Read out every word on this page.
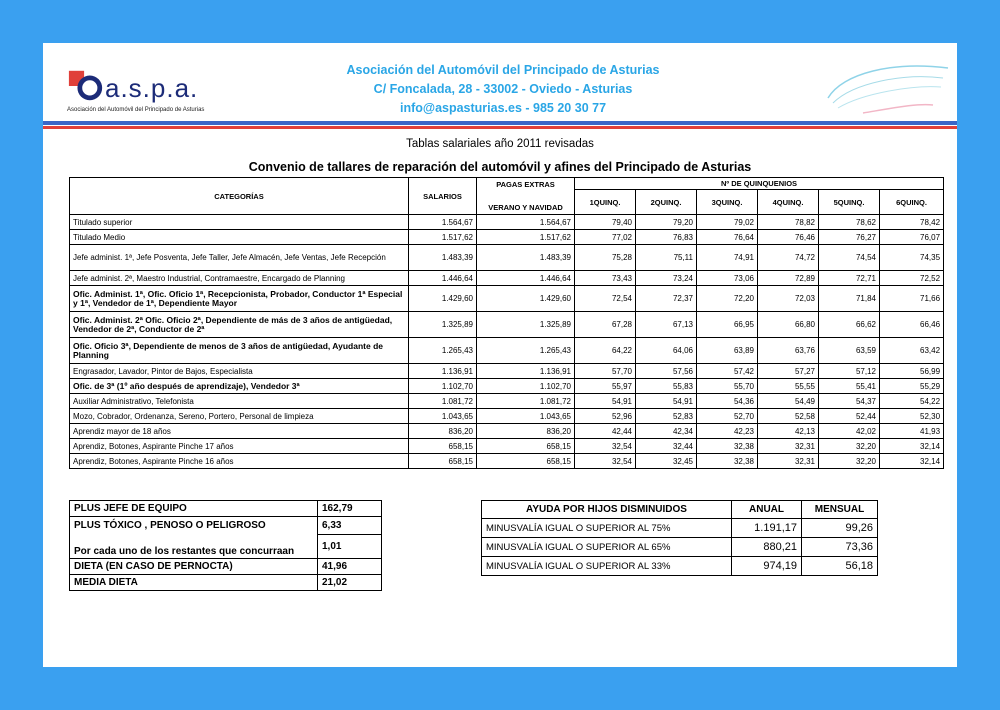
a.s.p.a.
Asociación del Automóvil del Principado de Asturias
Asociación del Automóvil del Principado de Asturias
C/ Foncalada, 28 - 33002 - Oviedo - Asturias
info@aspasturias.es - 985 20 30 77
Tablas salariales año 2011 revisadas
Convenio de tallares de reparación del automóvil y afines del Principado de Asturias
CATEGORÍAS	SALARIOS	PAGAS EXTRAS
VERANO Y NAVIDAD	Nº DE QUINQUENIOS					
			1QUINQ.	2QUINQ.	3QUINQ.	4QUINQ.	5QUINQ.	6QUINQ.
Titulado superior	1.564,67	1.564,67	79,40	79,20	79,02	78,82	78,62	78,42
Titulado Medio	1.517,62	1.517,62	77,02	76,83	76,64	76,46	76,27	76,07
Jefe administ. 1ª, Jefe Posventa, Jefe Taller, Jefe Almacén, Jefe Ventas, Jefe Recepción	1.483,39	1.483,39	75,28	75,11	74,91	74,72	74,54	74,35
Jefe administ. 2ª, Maestro Industrial, Contramaestre, Encargado de Planning	1.446,64	1.446,64	73,43	73,24	73,06	72,89	72,71	72,52
Ofic. Administ. 1ª, Ofic. Oficio 1ª, Recepcionista, Probador, Conductor 1ª Especial y 1ª, Vendedor de 1ª, Dependiente Mayor	1.429,60	1.429,60	72,54	72,37	72,20	72,03	71,84	71,66
Ofic. Administ. 2ª Ofic. Oficio 2ª, Dependiente de más de 3 años de antigüedad, Vendedor de 2ª, Conductor de 2ª	1.325,89	1.325,89	67,28	67,13	66,95	66,80	66,62	66,46
Ofic. Oficio 3ª, Dependiente de menos de 3 años de antigüedad, Ayudante de Planning	1.265,43	1.265,43	64,22	64,06	63,89	63,76	63,59	63,42
Engrasador, Lavador, Pintor de Bajos, Especialista	1.136,91	1.136,91	57,70	57,56	57,42	57,27	57,12	56,99
Ofic. de 3ª (1º año después de aprendizaje), Vendedor 3ª	1.102,70	1.102,70	55,97	55,83	55,70	55,55	55,41	55,29
Auxiliar Administrativo, Telefonista	1.081,72	1.081,72	54,91	54,91	54,36	54,49	54,37	54,22
Mozo, Cobrador, Ordenanza, Sereno, Portero, Personal de limpieza	1.043,65	1.043,65	52,96	52,83	52,70	52,58	52,44	52,30
Aprendiz mayor de 18 años	836,20	836,20	42,44	42,34	42,23	42,13	42,02	41,93
Aprendiz, Botones, Aspirante Pinche 17 años	658,15	658,15	32,54	32,44	32,38	32,31	32,20	32,14
Aprendiz, Botones, Aspirante Pinche 16 años	658,15	658,15	32,54	32,45	32,38	32,31	32,20	32,14
PLUS JEFE DE EQUIPO	162,79
PLUS TÓXICO , PENOSO O PELIGROSO	6,33
Por cada uno de los restantes que concurraan	1,01
DIETA (EN CASO DE PERNOCTA)	41,96
MEDIA DIETA	21,02
AYUDA POR HIJOS DISMINUIDOS	ANUAL	MENSUAL
MINUSVALÍA IGUAL O SUPERIOR AL 75%	1.191,17	99,26
MINUSVALÍA IGUAL O SUPERIOR AL 65%	880,21	73,36
MINUSVALÍA IGUAL O SUPERIOR AL 33%	974,19	56,18
